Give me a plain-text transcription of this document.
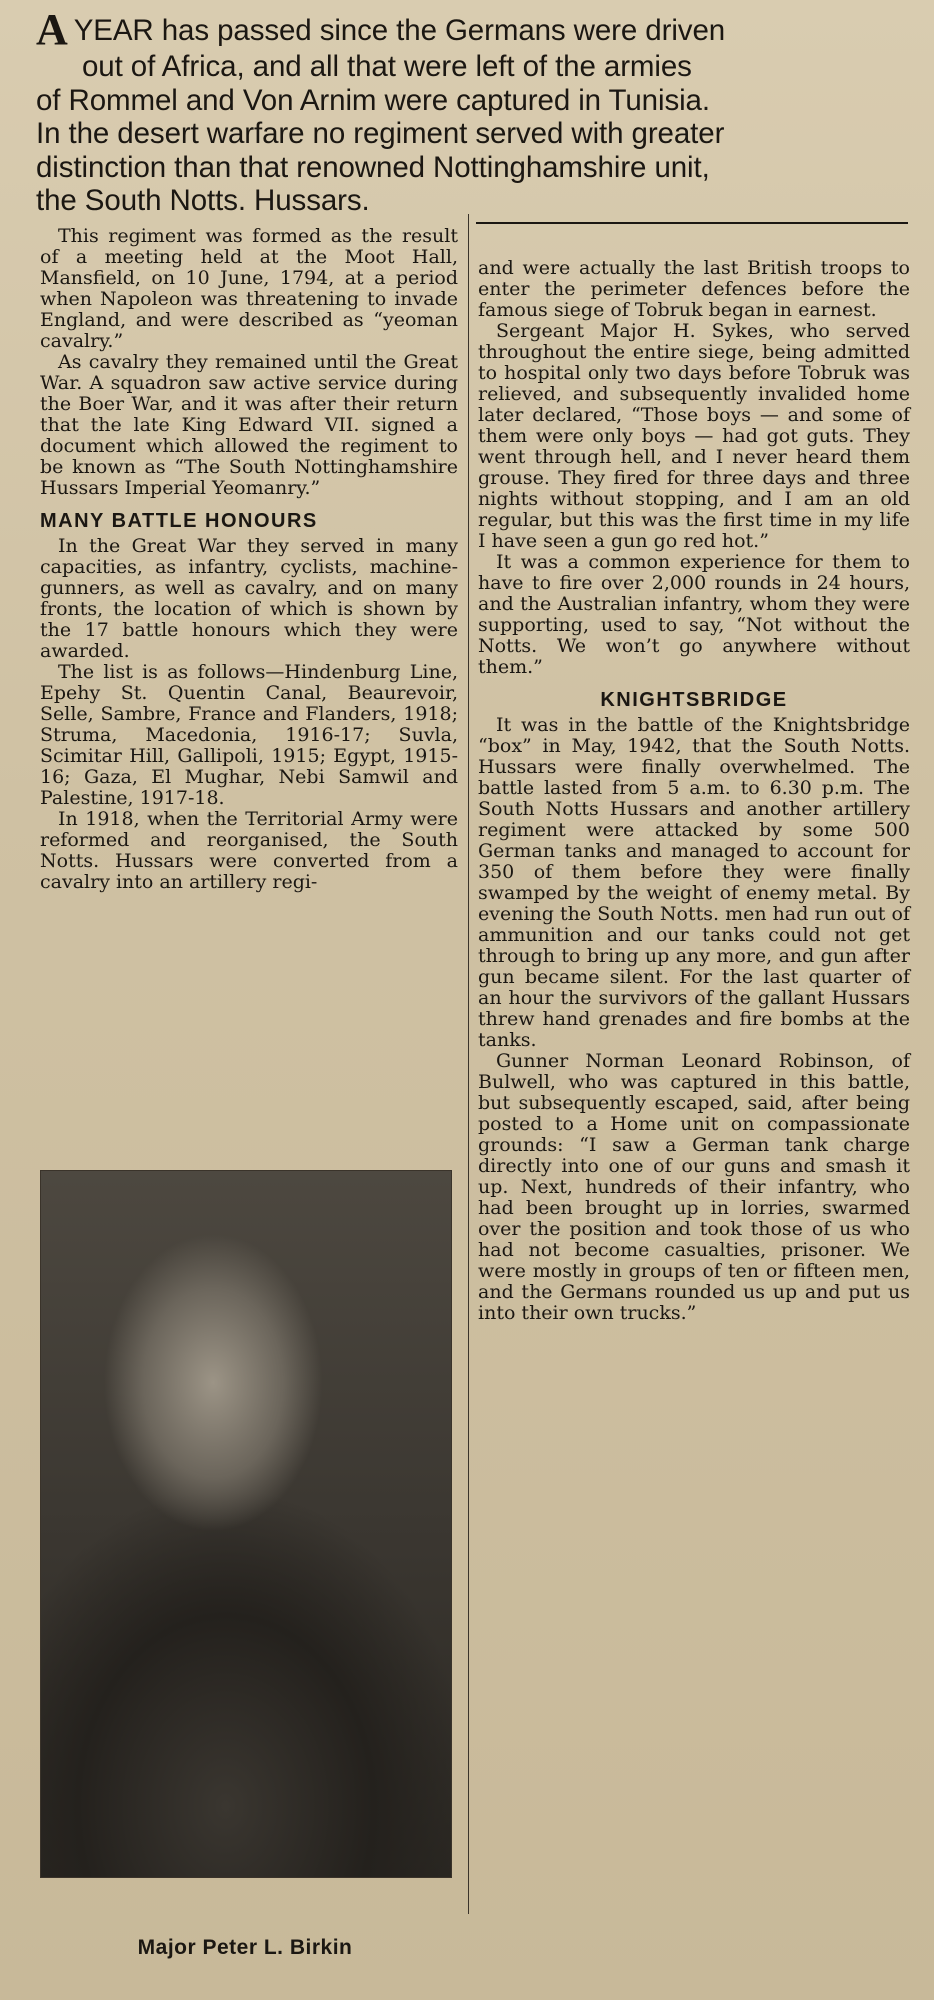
A YEAR has passed since the Germans were driven
out of Africa, and all that were left of the armies
of Rommel and Von Arnim were captured in Tunisia.
In the desert warfare no regiment served with greater
distinction than that renowned Nottinghamshire unit,
the South Notts. Hussars.

This regiment was formed as the result of a meeting held at the Moot Hall, Mansfield, on 10 June, 1794, at a period when Napoleon was threatening to invade England, and were described as “yeoman cavalry.”

As cavalry they remained until the Great War. A squadron saw active service during the Boer War, and it was after their return that the late King Edward VII. signed a document which allowed the regiment to be known as “The South Nottinghamshire Hussars Imperial Yeomanry.”

MANY BATTLE HONOURS

In the Great War they served in many capacities, as infantry, cyclists, machine-gunners, as well as cavalry, and on many fronts, the location of which is shown by the 17 battle honours which they were awarded.

The list is as follows—Hindenburg Line, Epehy St. Quentin Canal, Beaurevoir, Selle, Sambre, France and Flanders, 1918; Struma, Macedonia, 1916-17; Suvla, Scimitar Hill, Gallipoli, 1915; Egypt, 1915-16; Gaza, El Mughar, Nebi Samwil and Palestine, 1917-18.

In 1918, when the Territorial Army were reformed and reorganised, the South Notts. Hussars were converted from a cavalry into an artillery regi-

and were actually the last British troops to enter the perimeter defences before the famous siege of Tobruk began in earnest.

Sergeant Major H. Sykes, who served throughout the entire siege, being admitted to hospital only two days before Tobruk was relieved, and subsequently invalided home later declared, “Those boys — and some of them were only boys — had got guts. They went through hell, and I never heard them grouse. They fired for three days and three nights without stopping, and I am an old regular, but this was the first time in my life I have seen a gun go red hot.”

It was a common experience for them to have to fire over 2,000 rounds in 24 hours, and the Australian infantry, whom they were supporting, used to say, “Not without the Notts. We won’t go anywhere without them.”

KNIGHTSBRIDGE

It was in the battle of the Knightsbridge “box” in May, 1942, that the South Notts. Hussars were finally overwhelmed. The battle lasted from 5 a.m. to 6.30 p.m. The South Notts Hussars and another artillery regiment were attacked by some 500 German tanks and managed to account for 350 of them before they were finally swamped by the weight of enemy metal. By evening the South Notts. men had run out of ammunition and our tanks could not get through to bring up any more, and gun after gun became silent. For the last quarter of an hour the survivors of the gallant Hussars threw hand grenades and fire bombs at the tanks.

Gunner Norman Leonard Robinson, of Bulwell, who was captured in this battle, but subsequently escaped, said, after being posted to a Home unit on compassionate grounds: “I saw a German tank charge directly into one of our guns and smash it up. Next, hundreds of their infantry, who had been brought up in lorries, swarmed over the position and took those of us who had not become casualties, prisoner. We were mostly in groups of ten or fifteen men, and the Germans rounded us up and put us into their own trucks.”

Major Peter L. Birkin
